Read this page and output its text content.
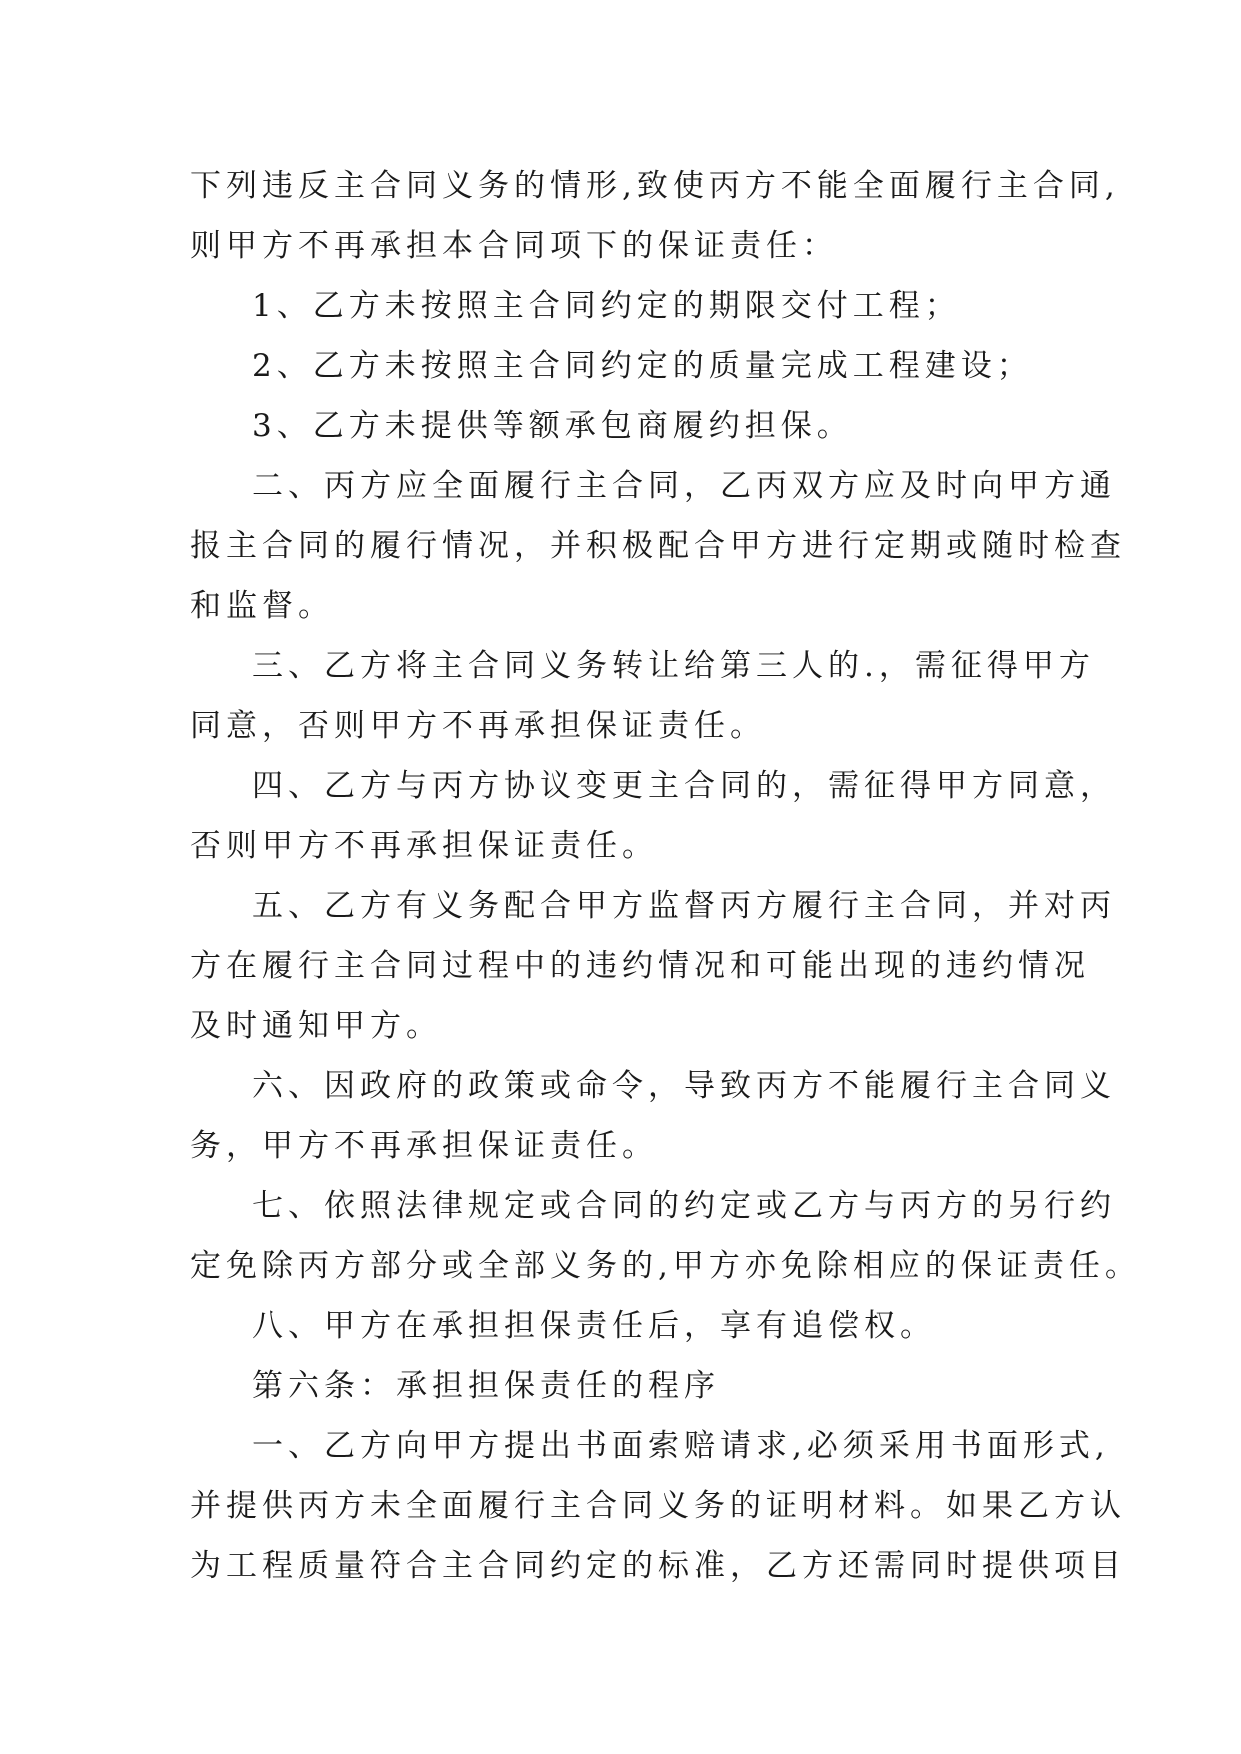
下列违反主合同义务的情形,致使丙方不能全面履行主合同,
则甲方不再承担本合同项下的保证责任：
1、乙方未按照主合同约定的期限交付工程；
2、乙方未按照主合同约定的质量完成工程建设；
3、乙方未提供等额承包商履约担保。
二、丙方应全面履行主合同，乙丙双方应及时向甲方通
报主合同的履行情况，并积极配合甲方进行定期或随时检查
和监督。
三、乙方将主合同义务转让给第三人的.，需征得甲方
同意，否则甲方不再承担保证责任。
四、乙方与丙方协议变更主合同的，需征得甲方同意，
否则甲方不再承担保证责任。
五、乙方有义务配合甲方监督丙方履行主合同，并对丙
方在履行主合同过程中的违约情况和可能出现的违约情况
及时通知甲方。
六、因政府的政策或命令，导致丙方不能履行主合同义
务，甲方不再承担保证责任。
七、依照法律规定或合同的约定或乙方与丙方的另行约
定免除丙方部分或全部义务的,甲方亦免除相应的保证责任。
八、甲方在承担担保责任后，享有追偿权。
第六条：承担担保责任的程序
一、乙方向甲方提出书面索赔请求,必须采用书面形式,
并提供丙方未全面履行主合同义务的证明材料。如果乙方认
为工程质量符合主合同约定的标准，乙方还需同时提供项目
